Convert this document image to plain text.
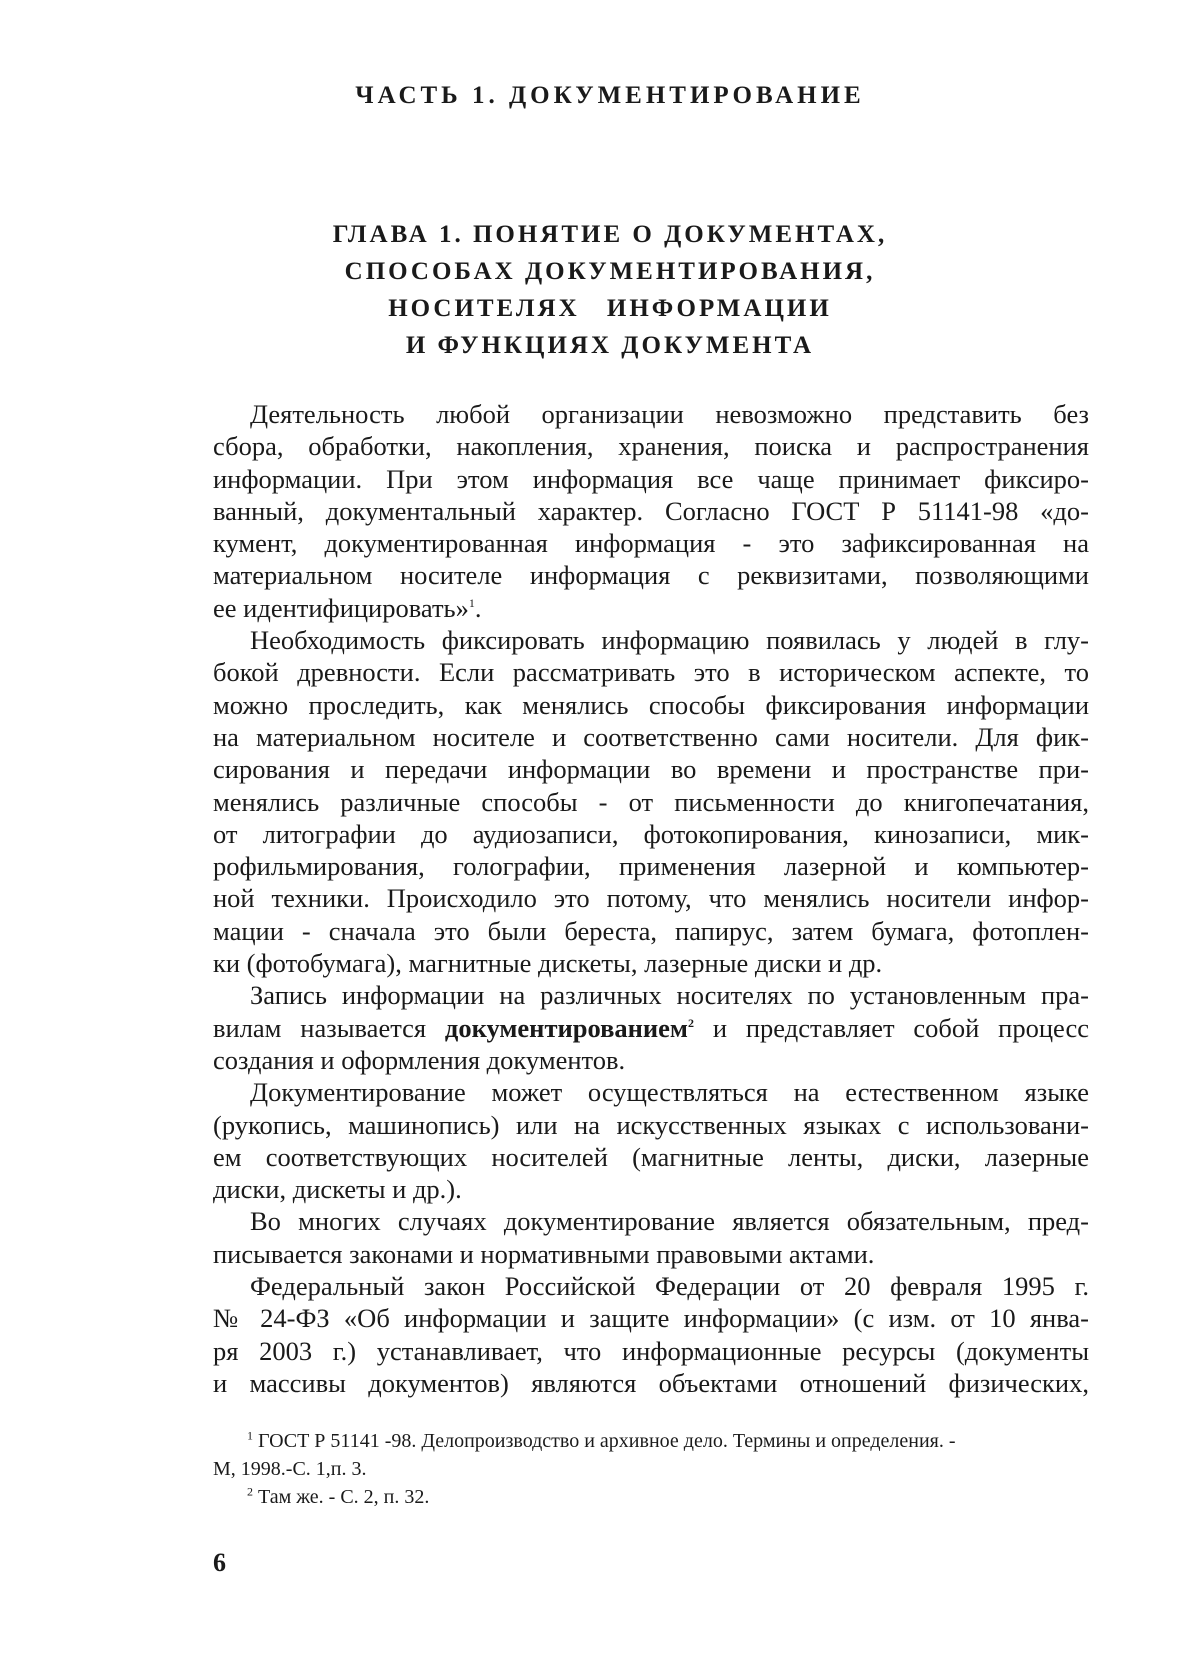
ЧАСТЬ 1. ДОКУМЕНТИРОВАНИЕ
ГЛАВА 1. ПОНЯТИЕ О ДОКУМЕНТАХ,
СПОСОБАХ ДОКУМЕНТИРОВАНИЯ,
НОСИТЕЛЯХ ИНФОРМАЦИИ
И ФУНКЦИЯХ ДОКУМЕНТА
Деятельность любой организации невозможно представить без
сбора, обработки, накопления, хранения, поиска и распространения
информации. При этом информация все чаще принимает фиксиро-
ванный, документальный характер. Согласно ГОСТ Р 51141-98 «до-
кумент, документированная информация - это зафиксированная на
материальном носителе информация с реквизитами, позволяющими
ее идентифицировать»1.
Необходимость фиксировать информацию появилась у людей в глу-
бокой древности. Если рассматривать это в историческом аспекте, то
можно проследить, как менялись способы фиксирования информации
на материальном носителе и соответственно сами носители. Для фик-
сирования и передачи информации во времени и пространстве при-
менялись различные способы - от письменности до книгопечатания,
от литографии до аудиозаписи, фотокопирования, кинозаписи, мик-
рофильмирования, голографии, применения лазерной и компьютер-
ной техники. Происходило это потому, что менялись носители инфор-
мации - сначала это были береста, папирус, затем бумага, фотоплен-
ки (фотобумага), магнитные дискеты, лазерные диски и др.
Запись информации на различных носителях по установленным пра-
вилам называется документированием2 и представляет собой процесс
создания и оформления документов.
Документирование может осуществляться на естественном языке
(рукопись, машинопись) или на искусственных языках с использовани-
ем соответствующих носителей (магнитные ленты, диски, лазерные
диски, дискеты и др.).
Во многих случаях документирование является обязательным, пред-
писывается законами и нормативными правовыми актами.
Федеральный закон Российской Федерации от 20 февраля 1995 г.
№ 24-ФЗ «Об информации и защите информации» (с изм. от 10 янва-
ря 2003 г.) устанавливает, что информационные ресурсы (документы
и массивы документов) являются объектами отношений физических,
1 ГОСТ Р 51141 -98. Делопроизводство и архивное дело. Термины и определения. -
М, 1998.-С. 1,п. 3.
2 Там же. - С. 2, п. 32.
6
